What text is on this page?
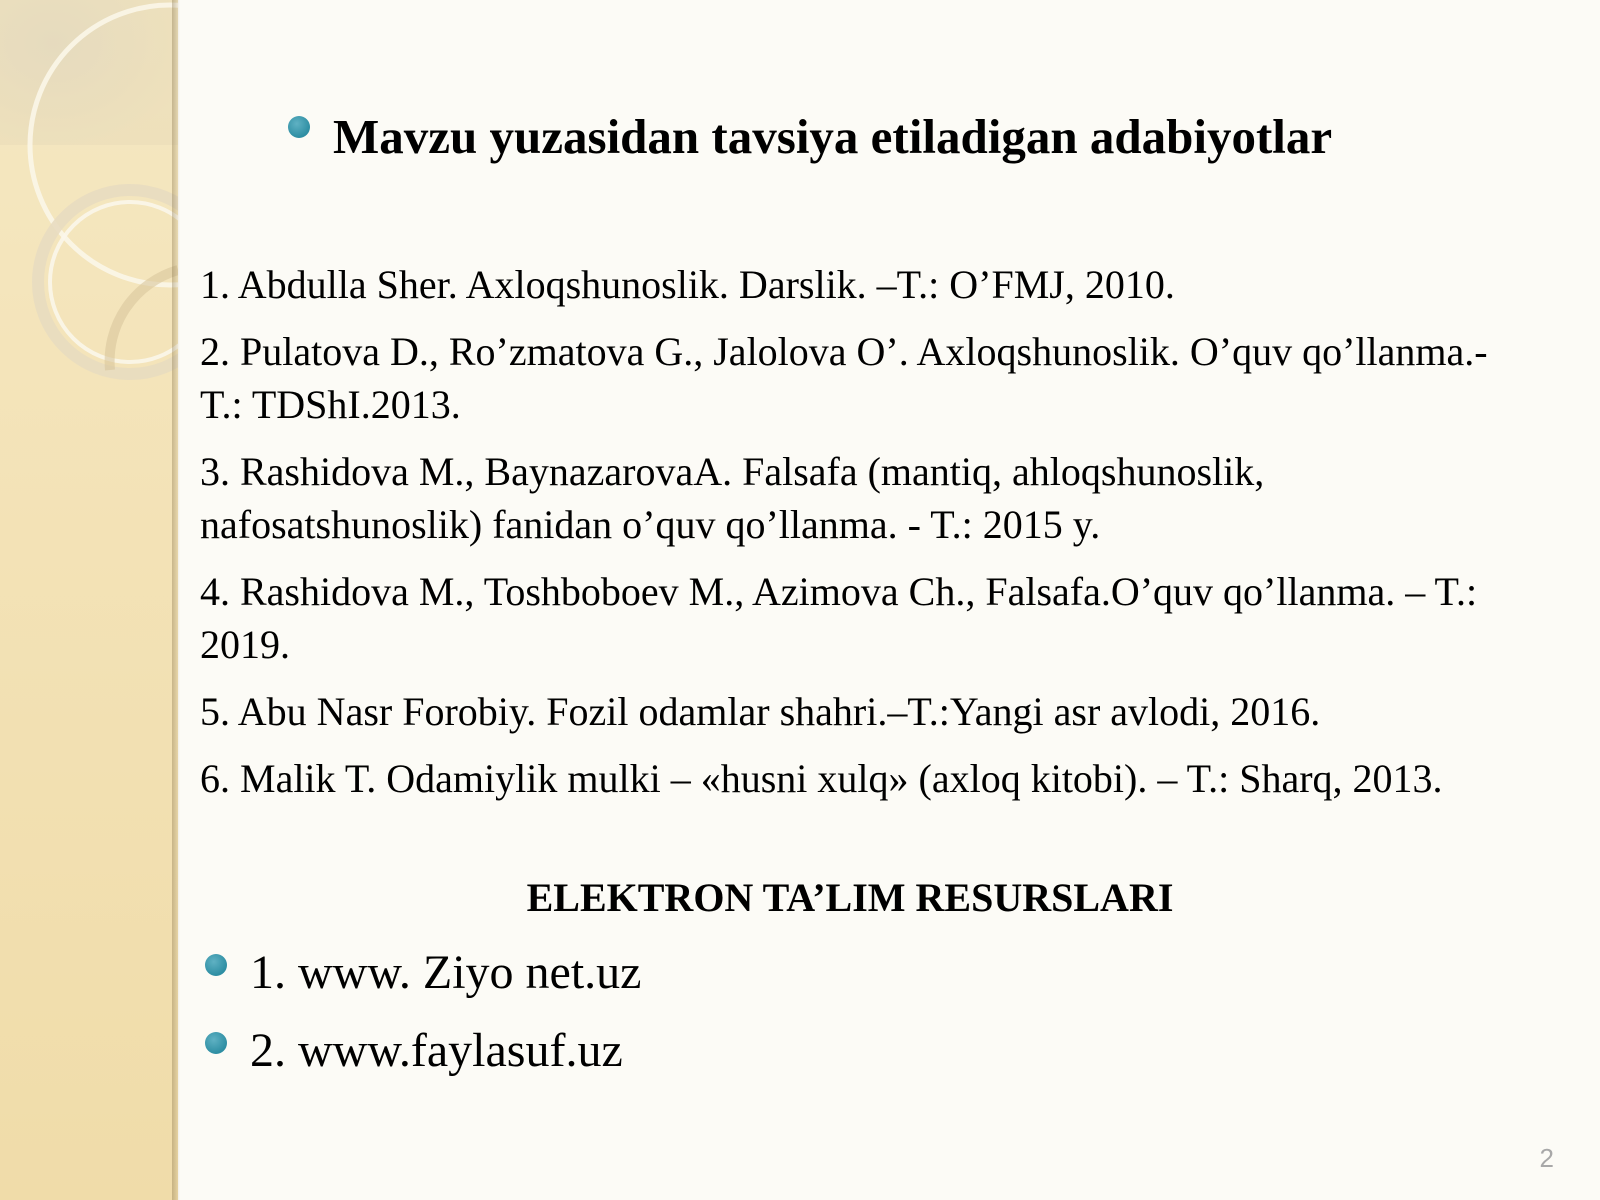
Mavzu yuzasidan tavsiya etiladigan adabiyotlar
1. Abdulla Sher. Axloqshunoslik. Darslik. –T.: O’FMJ, 2010.
2. Pulatova D., Ro’zmatova G., Jalolova O’. Axloqshunoslik. O’quv qo’llanma.- T.: TDShI.2013.
3. Rashidova M., BaynazarovaA. Falsafa (mantiq, ahloqshunoslik, nafosatshunoslik) fanidan o’quv qo’llanma. - T.: 2015 y.
4. Rashidova M., Toshboboev M., Azimova Ch., Falsafa.O’quv qo’llanma. – T.: 2019.
5. Abu Nasr Forobiy. Fozil odamlar shahri.–T.:Yangi asr avlodi, 2016.
6. Malik T. Odamiylik mulki – «husni xulq» (axloq kitobi). – T.: Sharq, 2013.
ELEKTRON TA’LIM RESURSLARI
1. www. Ziyo net.uz
2. www.faylasuf.uz
2
